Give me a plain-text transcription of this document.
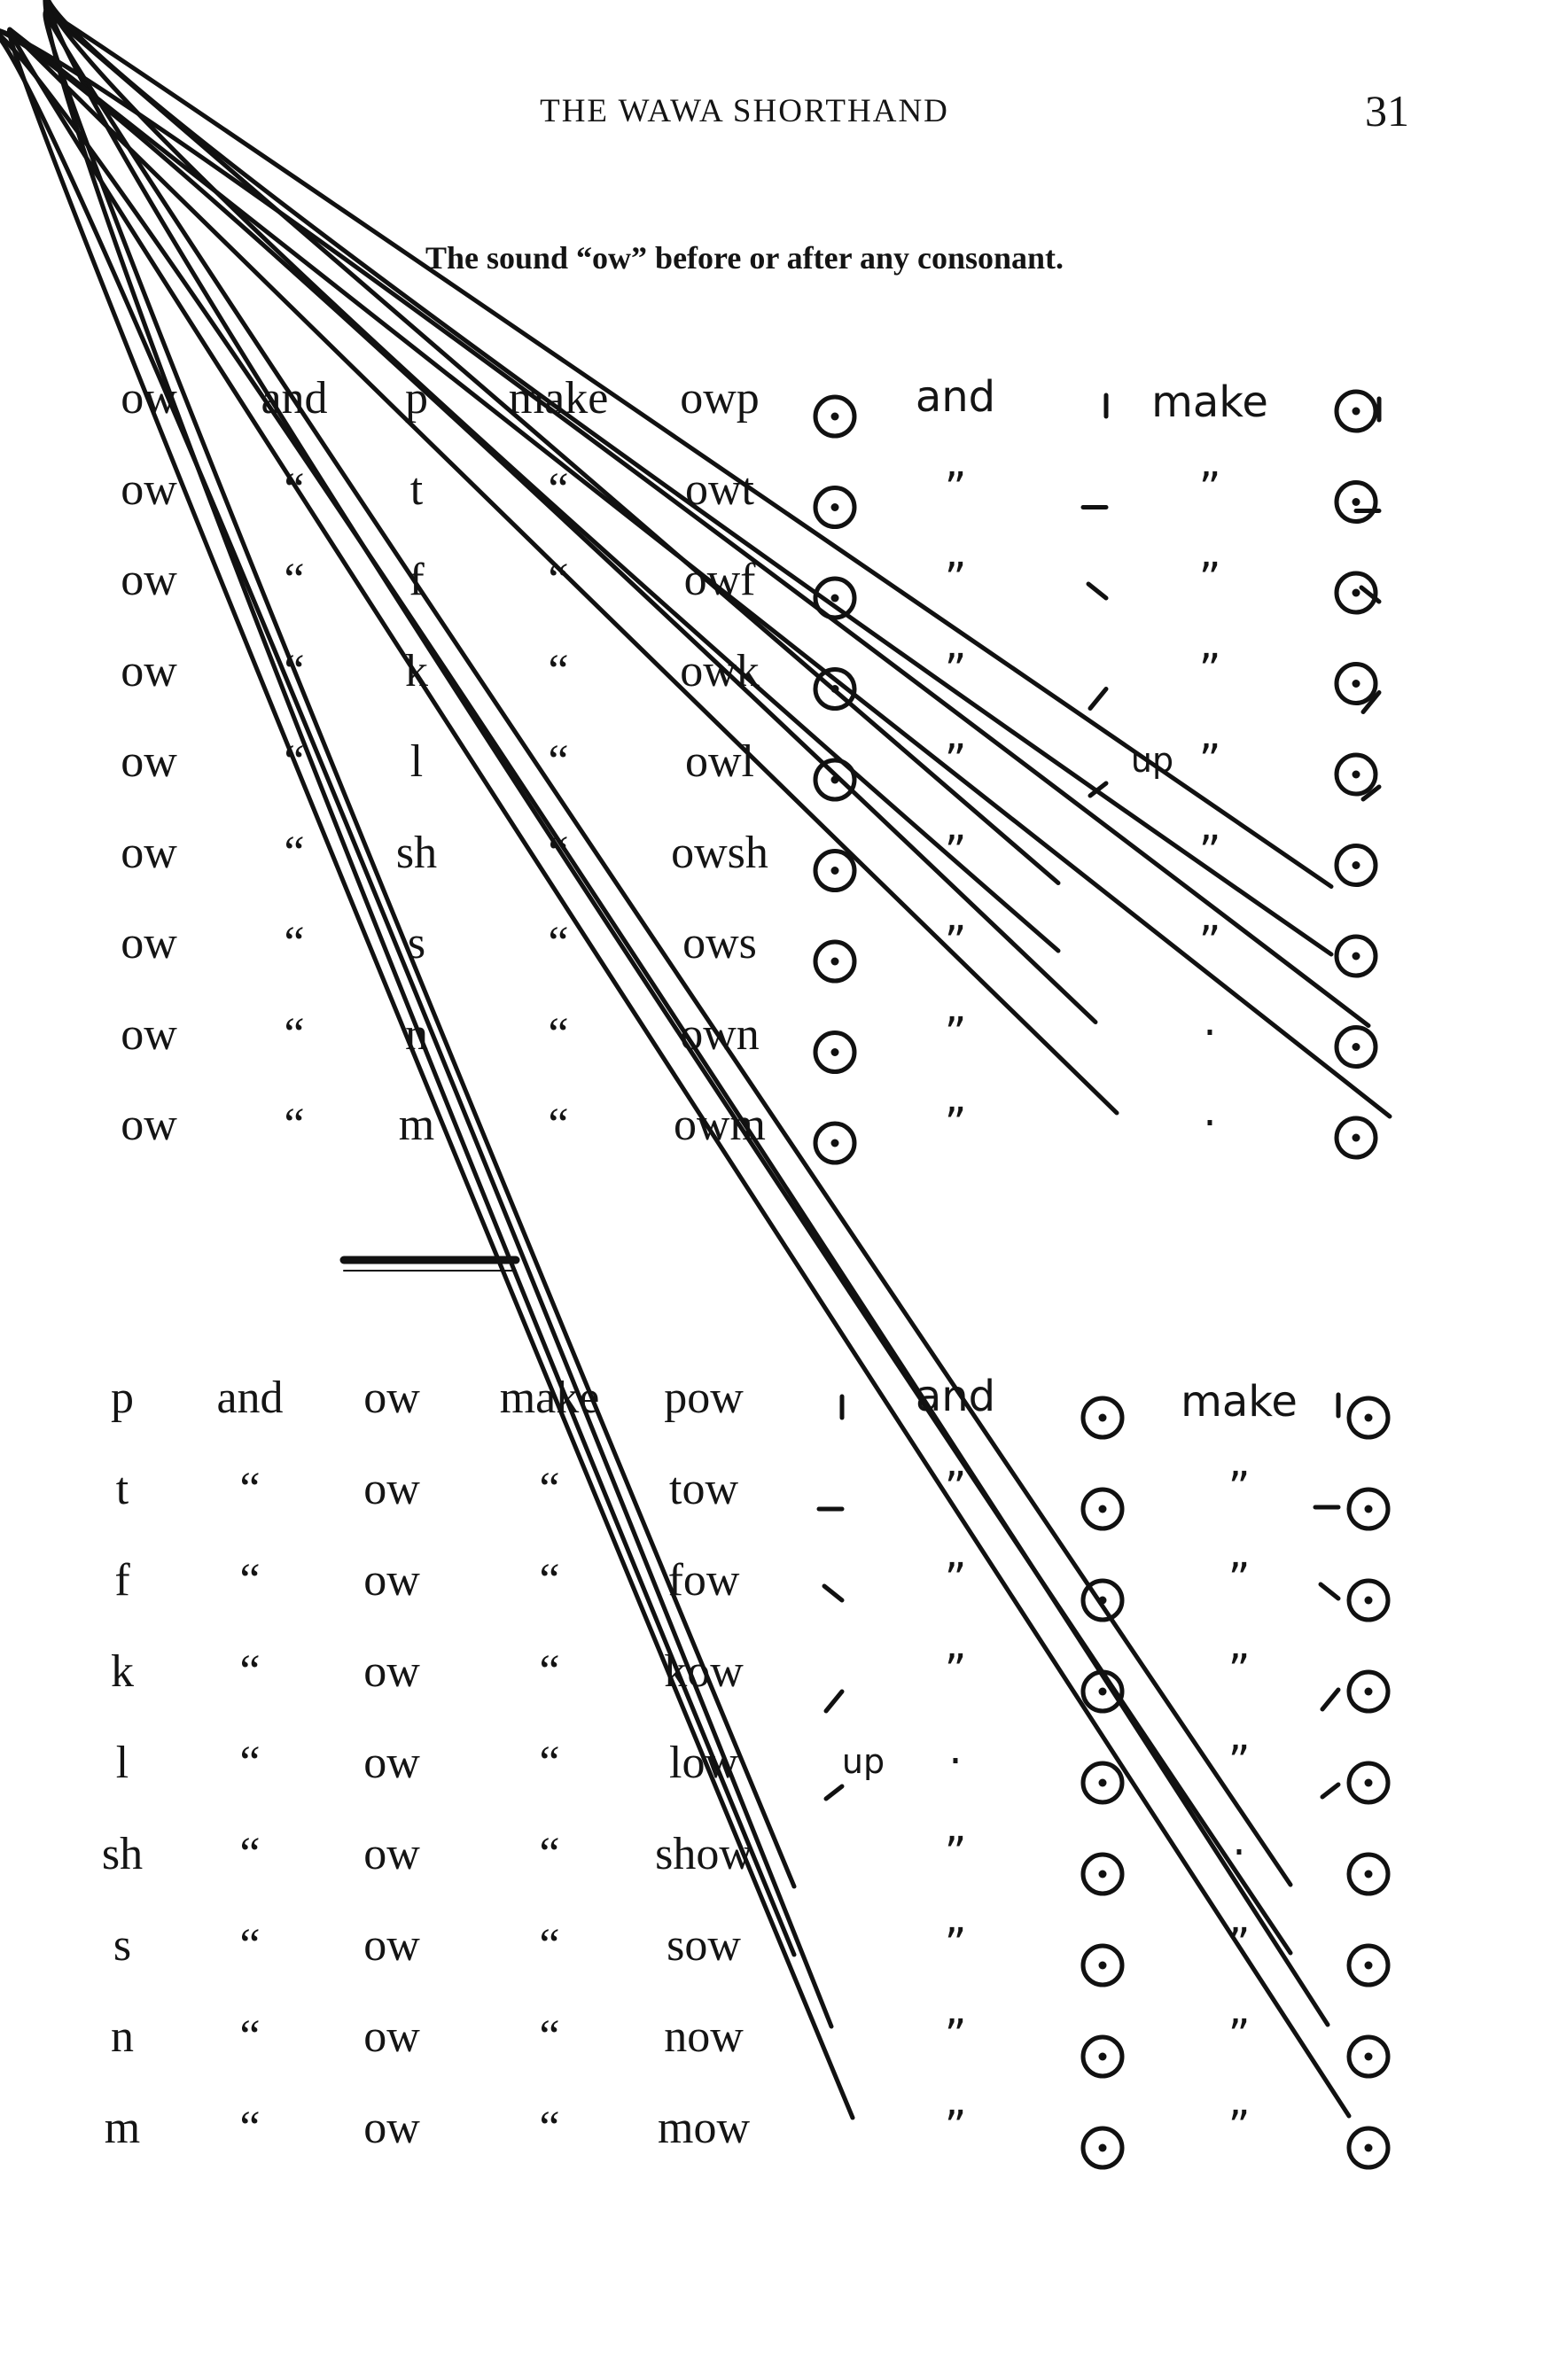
THE WAWA SHORTHAND	31
The sound “ow” before or after any consonant.
ow and p make owp	and	make
ow “ t	“	owt	”	”
ow “ f	“	owf	”	”
ow “ k	“ owk	”	”
ow “ l	“	owl	”	”
up
ow “ sh “ owsh	”	”
ow “ s	“ ows	”	”
ow “ n	“ own	”	·
ow “ m “ owm	”	·
p and ow make pow	and	make
t “ ow	“ tow	”	”
f “ ow	“ fow	”	”
k “ ow	“ kow	”	”
l “ ow	“ low	·	”
up
sh “ ow	“ show	”	·
s “ ow	“ sow	”	”
n “ ow	“ now	”	”
m “ ow	“ mow	”	”
